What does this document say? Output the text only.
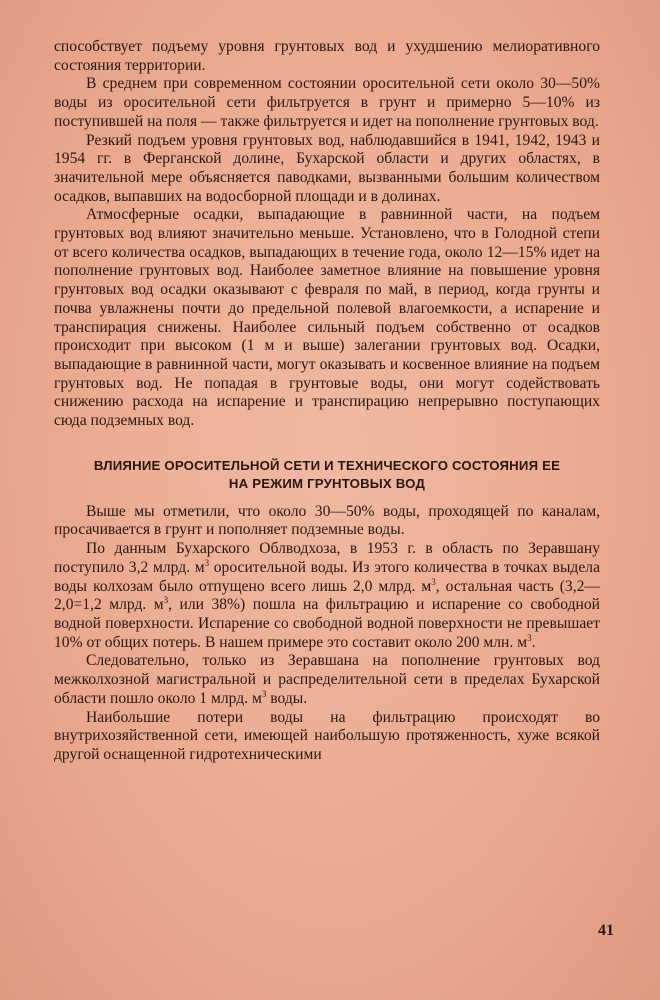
способствует подъему уровня грунтовых вод и ухудшению мелиоративного состояния территории.

В среднем при современном состоянии оросительной сети около 30—50% воды из оросительной сети фильтруется в грунт и примерно 5—10% из поступившей на поля — также фильтруется и идет на пополнение грунтовых вод.

Резкий подъем уровня грунтовых вод, наблюдавшийся в 1941, 1942, 1943 и 1954 гг. в Ферганской долине, Бухарской области и других областях, в значительной мере объясняется паводками, вызванными большим количеством осадков, выпавших на водосборной площади и в долинах.

Атмосферные осадки, выпадающие в равнинной части, на подъем грунтовых вод влияют значительно меньше. Установлено, что в Голодной степи от всего количества осадков, выпадающих в течение года, около 12—15% идет на пополнение грунтовых вод. Наиболее заметное влияние на повышение уровня грунтовых вод осадки оказывают с февраля по май, в период, когда грунты и почва увлажнены почти до предельной полевой влагоемкости, а испарение и транспирация снижены. Наиболее сильный подъем собственно от осадков происходит при высоком (1 м и выше) залегании грунтовых вод. Осадки, выпадающие в равнинной части, могут оказывать и косвенное влияние на подъем грунтовых вод. Не попадая в грунтовые воды, они могут содействовать снижению расхода на испарение и транспирацию непрерывно поступающих сюда подземных вод.

ВЛИЯНИЕ ОРОСИТЕЛЬНОЙ СЕТИ И ТЕХНИЧЕСКОГО СОСТОЯНИЯ ЕЕ
НА РЕЖИМ ГРУНТОВЫХ ВОД

Выше мы отметили, что около 30—50% воды, проходящей по каналам, просачивается в грунт и пополняет подземные воды.

По данным Бухарского Облводхоза, в 1953 г. в область по Зеравшану поступило 3,2 млрд. $м^3$ оросительной воды. Из этого количества в точках выдела воды колхозам было отпущено всего лишь 2,0 млрд. $м^3$, остальная часть (3,2—2,0=1,2 млрд. $м^3$, или 38%) пошла на фильтрацию и испарение со свободной водной поверхности. Испарение со свободной водной поверхности не превышает 10% от общих потерь. В нашем примере это составит около 200 млн. $м^3$.

Следовательно, только из Зеравшана на пополнение грунтовых вод межколхозной магистральной и распределительной сети в пределах Бухарской области пошло около 1 млрд. $м^3$ воды.

Наибольшие потери воды на фильтрацию происходят во внутрихозяйственной сети, имеющей наибольшую протяженность, хуже всякой другой оснащенной гидротехническими

41
